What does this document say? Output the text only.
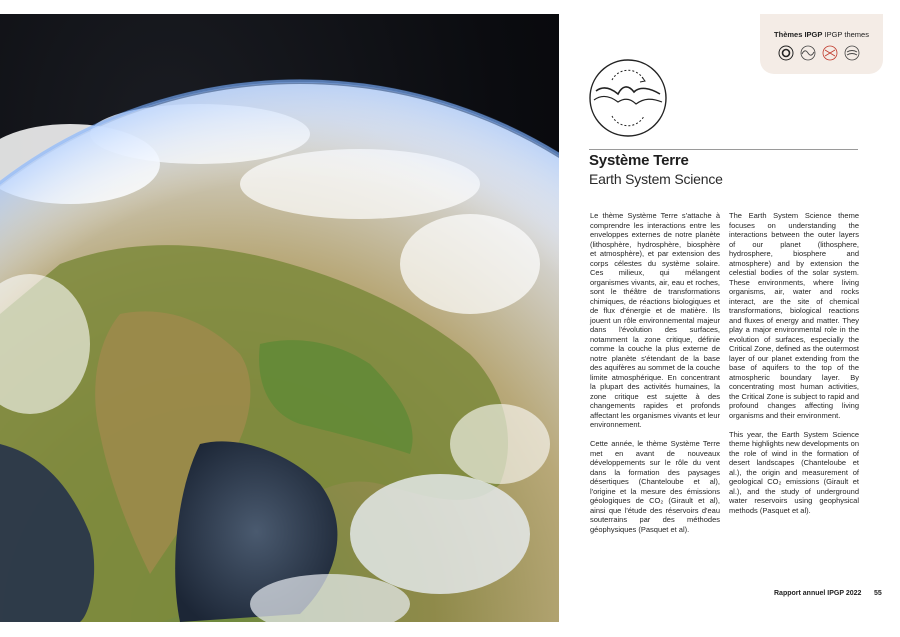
Thèmes IPGP IPGP themes
Système Terre
Earth System Science

Le thème Système Terre s'attache à comprendre les interactions entre les enveloppes externes de notre planète (lithosphère, hydrosphère, biosphère et atmosphère), et par extension des corps célestes du système solaire. Ces milieux, qui mélangent organismes vivants, air, eau et roches, sont le théâtre de transformations chimiques, de réactions biologiques et de flux d'énergie et de matière. Ils jouent un rôle environnemental majeur dans l'évolution des surfaces, notamment la zone critique, définie comme la couche la plus externe de notre planète s'étendant de la base des aquifères au sommet de la couche limite atmosphérique. En concentrant la plupart des activités humaines, la zone critique est sujette à des changements rapides et profonds affectant les organismes vivants et leur environnement.

Cette année, le thème Système Terre met en avant de nouveaux développements sur le rôle du vent dans la formation des paysages désertiques (Chanteloube et al), l'origine et la mesure des émissions géologiques de CO₂ (Girault et al), ainsi que l'étude des réservoirs d'eau souterrains par des méthodes géophysiques (Pasquet et al).

The Earth System Science theme focuses on understanding the interactions between the outer layers of our planet (lithosphere, hydrosphere, biosphere and atmosphere) and by extension the celestial bodies of the solar system. These environments, where living organisms, air, water and rocks interact, are the site of chemical transformations, biological reactions and fluxes of energy and matter. They play a major environmental role in the evolution of surfaces, especially the Critical Zone, defined as the outermost layer of our planet extending from the base of aquifers to the top of the atmospheric boundary layer. By concentrating most human activities, the Critical Zone is subject to rapid and profound changes affecting living organisms and their environment.

This year, the Earth System Science theme highlights new developments on the role of wind in the formation of desert landscapes (Chanteloube et al.), the origin and measurement of geological CO₂ emissions (Girault et al.), and the study of underground water reservoirs using geophysical methods (Pasquet et al).

Rapport annuel IPGP 2022 55
